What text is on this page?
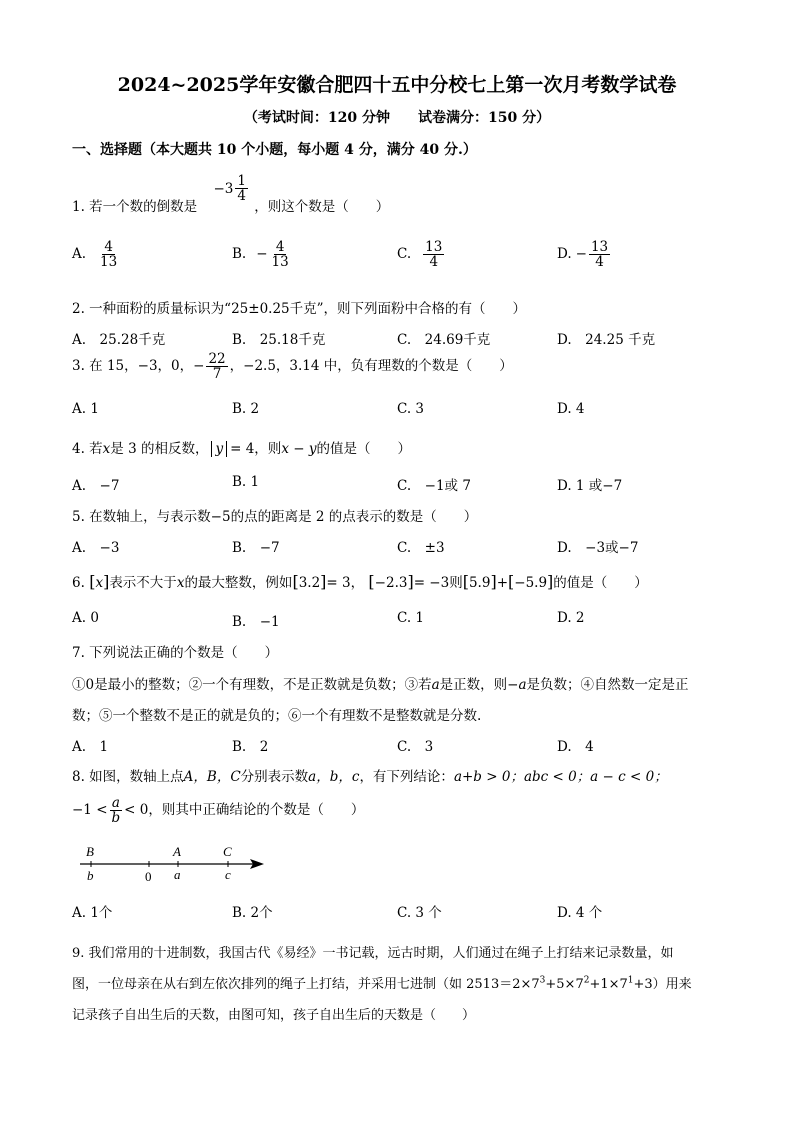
2024~2025学年安徽合肥四十五中分校七上第一次月考数学试卷
（考试时间：120 分钟 试卷满分：150 分）
一、选择题（本大题共 10 个小题，每小题 4 分，满分 40 分.）
1. 若一个数的倒数是
$-3 \frac{1}{4}$
，则这个数是（　　）
A. $\frac{4}{13}$	B. − $\frac{4}{13}$	C. $\frac{13}{4}$	D. − $\frac{13}{4}$
2. 一种面粉的质量标识为“25±0.25千克”，则下列面粉中合格的有（　　）
A.　25.28千克	B.　25.18千克	C.　24.69千克	D.　24.25 千克
3. 在 15，−3，0，− $\frac{22}{7}$ ，−2.5，3.14 中，负有理数的个数是（　　）
A. 1	B. 2	C. 3	D. 4
4. 若x是 3 的相反数， y = 4，则x − y的值是（　　）
A.　−7	B. 1	C.　−1或 7	D. 1 或−7
5. 在数轴上，与表示数−5的点的距离是 2 的点表示的数是（　　）
A.　−3	B.　−7	C.　±3	D.　−3或−7
6. [x]表示不大于x的最大整数，例如[3.2]= 3， [−2.3]= −3则[5.9]+[−5.9]的值是（　　）
A. 0	B.　−1	C. 1	D. 2
7. 下列说法正确的个数是（　　）
①0是最小的整数；②一个有理数，不是正数就是负数；③若a是正数，则−a是负数；④自然数一定是正
数；⑤一个整数不是正的就是负的；⑥一个有理数不是整数就是分数.
A.　1	B.　2	C.　3	D.　4
8. 如图，数轴上点A，B，C分别表示数a，b，c，有下列结论：a+b > 0；abc < 0；a − c < 0；
$-1 < \frac{a}{b} < 0$，则其中正确结论的个数是（　　）
B
b	0
A
a
C
c
A. 1个	B. 2个	C. 3 个	D. 4 个
9. 我们常用的十进制数，我国古代《易经》一书记载，远古时期，人们通过在绳子上打结来记录数量，如
图，一位母亲在从右到左依次排列的绳子上打结，并采用七进制（如 $2513=2\times 7^3+5\times 7^2+1\times 7^1+3$）用来
记录孩子自出生后的天数，由图可知，孩子自出生后的天数是（　　）
